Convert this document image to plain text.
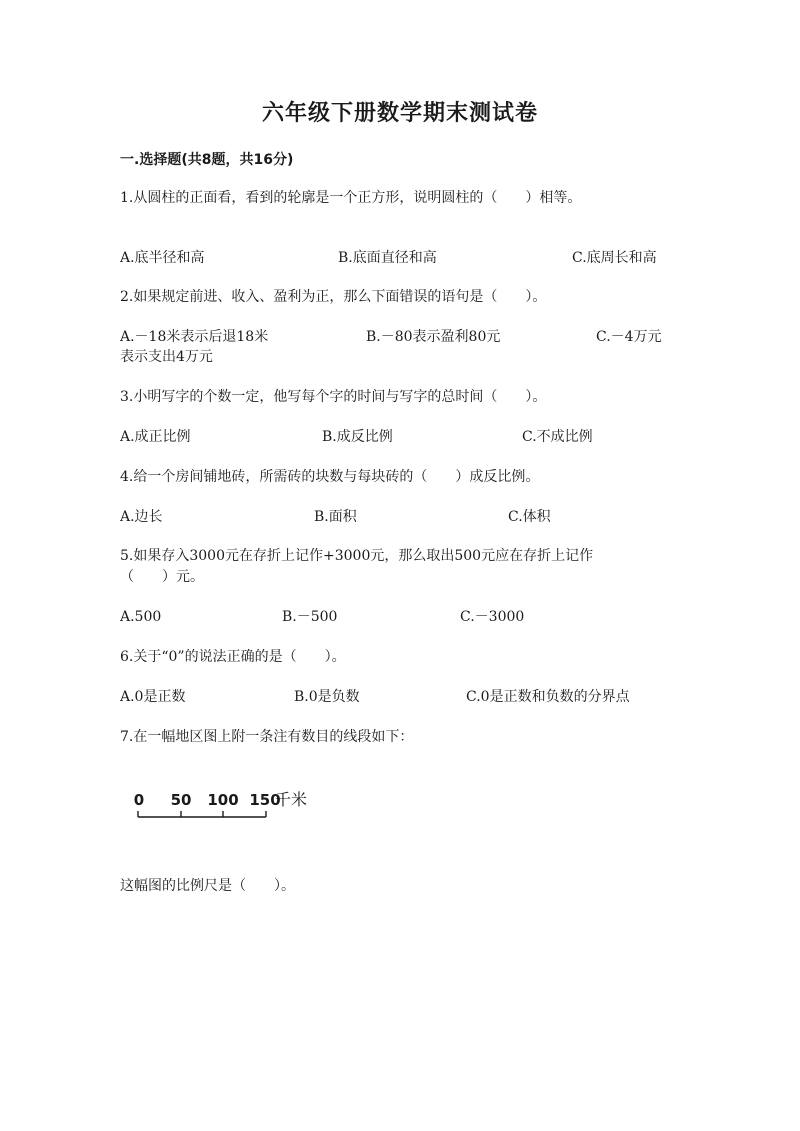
六年级下册数学期末测试卷
一.选择题(共8题，共16分)
1.从圆柱的正面看，看到的轮廓是一个正方形，说明圆柱的（　　）相等。
A.底半径和高	B.底面直径和高	C.底周长和高
2.如果规定前进、收入、盈利为正，那么下面错误的语句是（　　）。
A.－18米表示后退18米	B.－80表示盈利80元	C.－4万元
表示支出4万元
3.小明写字的个数一定，他写每个字的时间与写字的总时间（　　）。
A.成正比例	B.成反比例	C.不成比例
4.给一个房间铺地砖，所需砖的块数与每块砖的（　　）成反比例。
A.边长	B.面积	C.体积
5.如果存入3000元在存折上记作+3000元，那么取出500元应在存折上记作
（　　）元。
A.500	B.－500	C.－3000
6.关于“0”的说法正确的是（　　）。
A.0是正数	B.0是负数	C.0是正数和负数的分界点
7.在一幅地区图上附一条注有数目的线段如下：
0 50 100 150
千米
这幅图的比例尺是（　　）。
